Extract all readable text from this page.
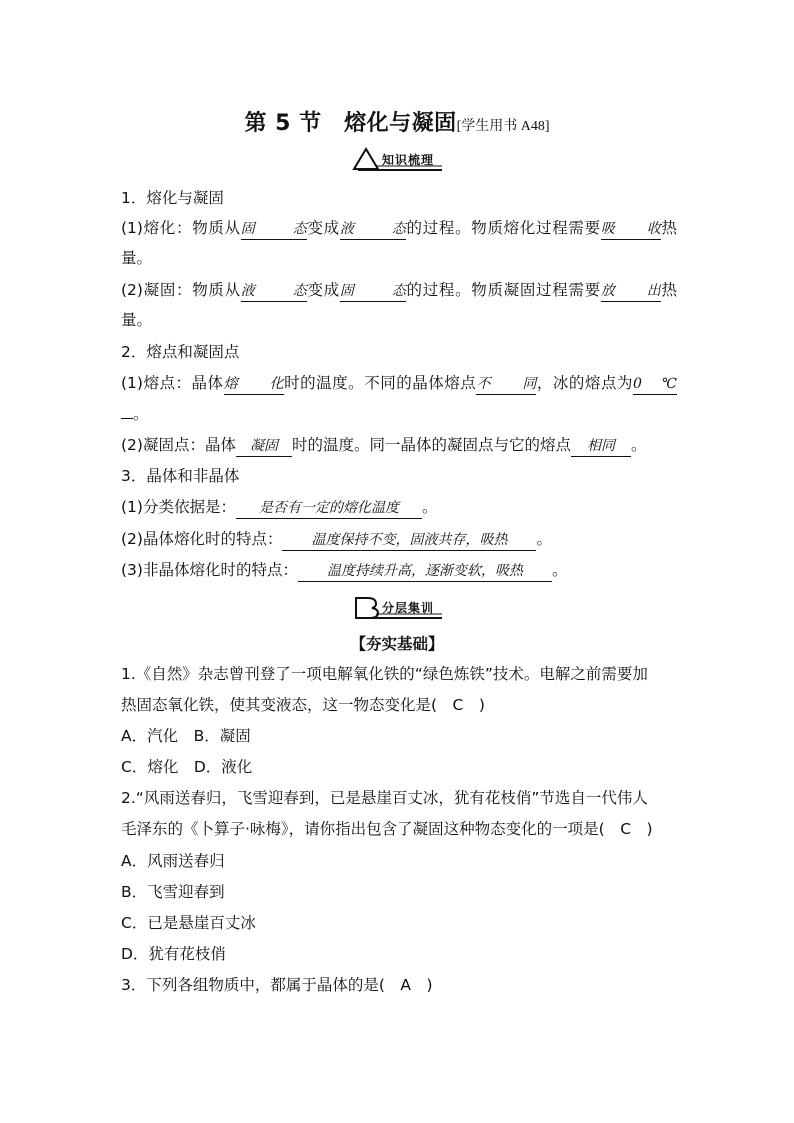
第 5 节　熔化与凝固[学生用书 A48]
知识梳理
1．熔化与凝固
(1)熔化：物质从固态变成液态的过程。物质熔化过程需要吸收热
量。
(2)凝固：物质从液态变成固态的过程。物质凝固过程需要放出热
量。
2．熔点和凝固点
(1)熔点：晶体熔化时的温度。不同的晶体熔点不同，冰的熔点为0℃
。
(2)凝固点：晶体 凝固 时的温度。同一晶体的凝固点与它的熔点 相同 。
3．晶体和非晶体
(1)分类依据是： 是否有一定的熔化温度 。
(2)晶体熔化时的特点： 温度保持不变，固液共存，吸热 。
(3)非晶体熔化时的特点： 温度持续升高，逐渐变软，吸热 。
分层集训
【夯实基础】
1.《自然》杂志曾刊登了一项电解氧化铁的“绿色炼铁”技术。电解之前需要加
热固态氧化铁，使其变液态，这一物态变化是(　C　)
A．汽化　B．凝固
C．熔化　D．液化
2.“风雨送春归，飞雪迎春到，已是悬崖百丈冰，犹有花枝俏”节选自一代伟人
毛泽东的《卜算子·咏梅》，请你指出包含了凝固这种物态变化的一项是(　C　)
A．风雨送春归
B．飞雪迎春到
C．已是悬崖百丈冰
D．犹有花枝俏
3．下列各组物质中，都属于晶体的是(　A　)
